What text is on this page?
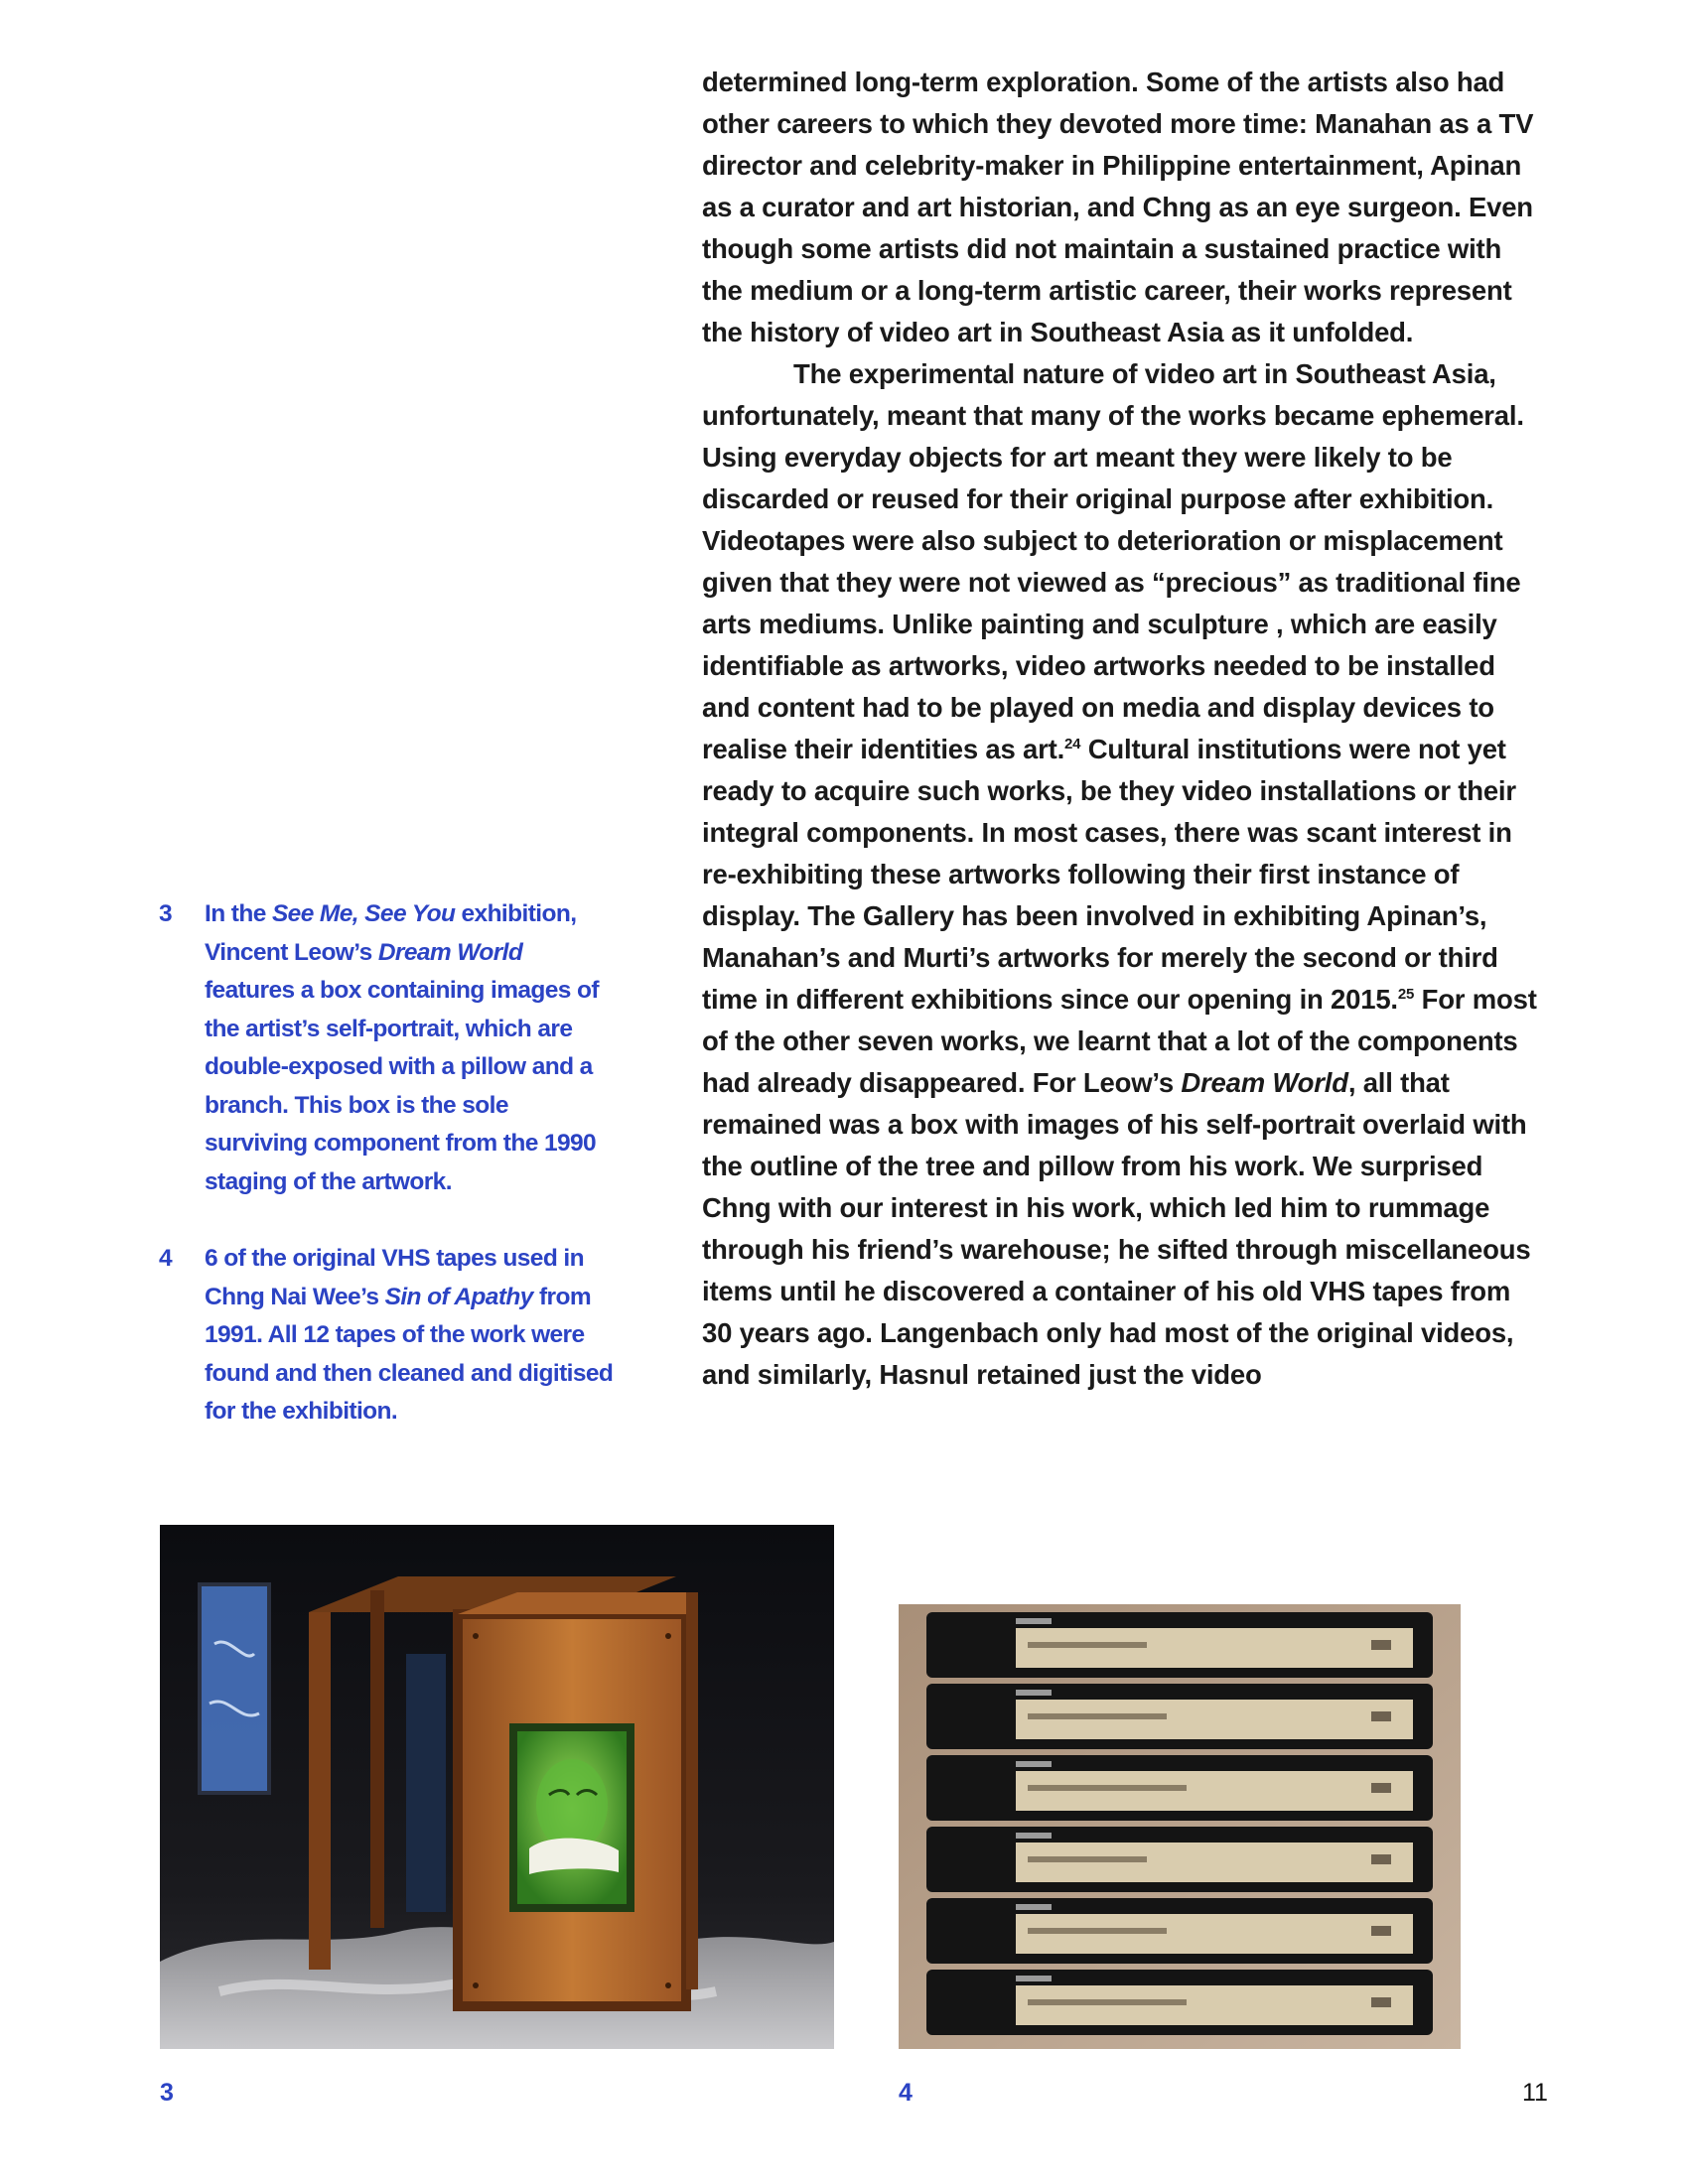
determined long-term exploration. Some of the artists also had other careers to which they devoted more time: Manahan as a TV director and celebrity-maker in Philippine entertainment, Apinan as a curator and art historian, and Chng as an eye surgeon. Even though some artists did not maintain a sustained practice with the medium or a long-term artistic career, their works represent the history of video art in Southeast Asia as it unfolded.

The experimental nature of video art in Southeast Asia, unfortunately, meant that many of the works became ephemeral. Using everyday objects for art meant they were likely to be discarded or reused for their original purpose after exhibition. Videotapes were also subject to deterioration or misplacement given that they were not viewed as “precious” as traditional fine arts mediums. Unlike painting and sculpture , which are easily identifiable as artworks, video artworks needed to be installed and content had to be played on media and display devices to realise their identities as art.$^{24}$ Cultural institutions were not yet ready to acquire such works, be they video installations or their integral components. In most cases, there was scant interest in re-exhibiting these artworks following their first instance of display. The Gallery has been involved in exhibiting Apinan’s, Manahan’s and Murti’s artworks for merely the second or third time in different exhibitions since our opening in 2015.25 For most of the other seven works, we learnt that a lot of the components had already disappeared. For Leow’s Dream World, all that remained was a box with images of his self-portrait overlaid with the outline of the tree and pillow from his work. We surprised Chng with our interest in his work, which led him to rummage through his friend’s warehouse; he sifted through miscellaneous items until he discovered a container of his old VHS tapes from 30 years ago. Langenbach only had most of the original videos, and similarly, Hasnul retained just the video

3 In the See Me, See You exhibition, Vincent Leow’s Dream World features a box containing images of the artist’s self-portrait, which are double-exposed with a pillow and a branch. This box is the sole surviving component from the 1990 staging of the artwork.
4 6 of the original VHS tapes used in Chng Nai Wee’s Sin of Apathy from 1991. All 12 tapes of the work were found and then cleaned and digitised for the exhibition.
3	4	11
